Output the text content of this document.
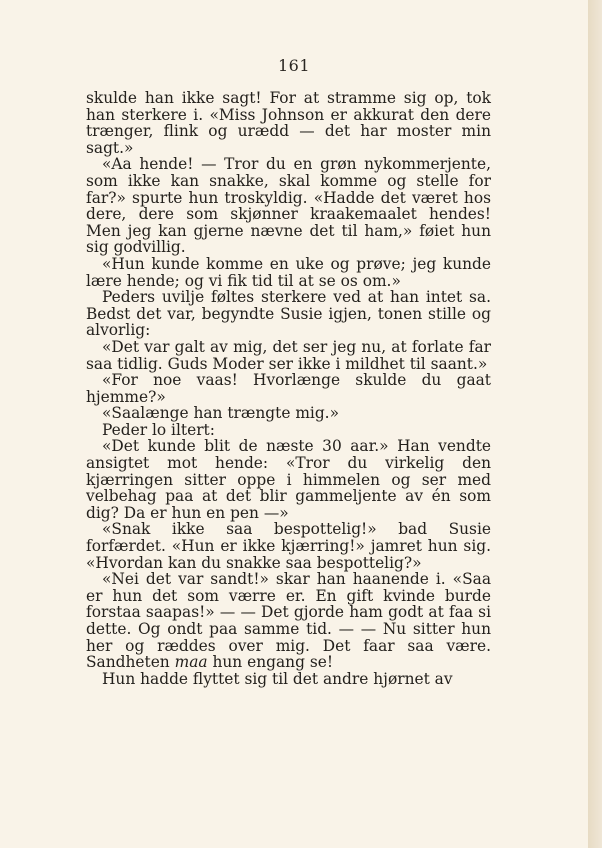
161

skulde han ikke sagt! For at stramme sig op, tok han sterkere i. «Miss Johnson er akkurat den dere trænger, flink og urædd — det har moster min sagt.»

«Aa hende! — Tror du en grøn nykommerjente, som ikke kan snakke, skal komme og stelle for far?» spurte hun troskyldig. «Hadde det været hos dere, dere som skjønner kraakemaalet hendes! Men jeg kan gjerne nævne det til ham,» føiet hun sig godvillig.

«Hun kunde komme en uke og prøve; jeg kunde lære hende; og vi fik tid til at se os om.»

Peders uvilje føltes sterkere ved at han intet sa. Bedst det var, begyndte Susie igjen, tonen stille og alvorlig:

«Det var galt av mig, det ser jeg nu, at forlate far saa tidlig. Guds Moder ser ikke i mildhet til saant.»

«For noe vaas! Hvorlænge skulde du gaat hjemme?»

«Saalænge han trængte mig.»

Peder lo iltert:

«Det kunde blit de næste 30 aar.» Han vendte ansigtet mot hende: «Tror du virkelig den kjærringen sitter oppe i himmelen og ser med velbehag paa at det blir gammeljente av én som dig? Da er hun en pen —»

«Snak ikke saa bespottelig!» bad Susie forfærdet. «Hun er ikke kjærring!» jamret hun sig. «Hvordan kan du snakke saa bespottelig?»

«Nei det var sandt!» skar han haanende i. «Saa er hun det som værre er. En gift kvinde burde forstaa saapas!» — — Det gjorde ham godt at faa si dette. Og ondt paa samme tid. — — Nu sitter hun her og ræddes over mig. Det faar saa være. Sandheten maa hun engang se!

Hun hadde flyttet sig til det andre hjørnet av
